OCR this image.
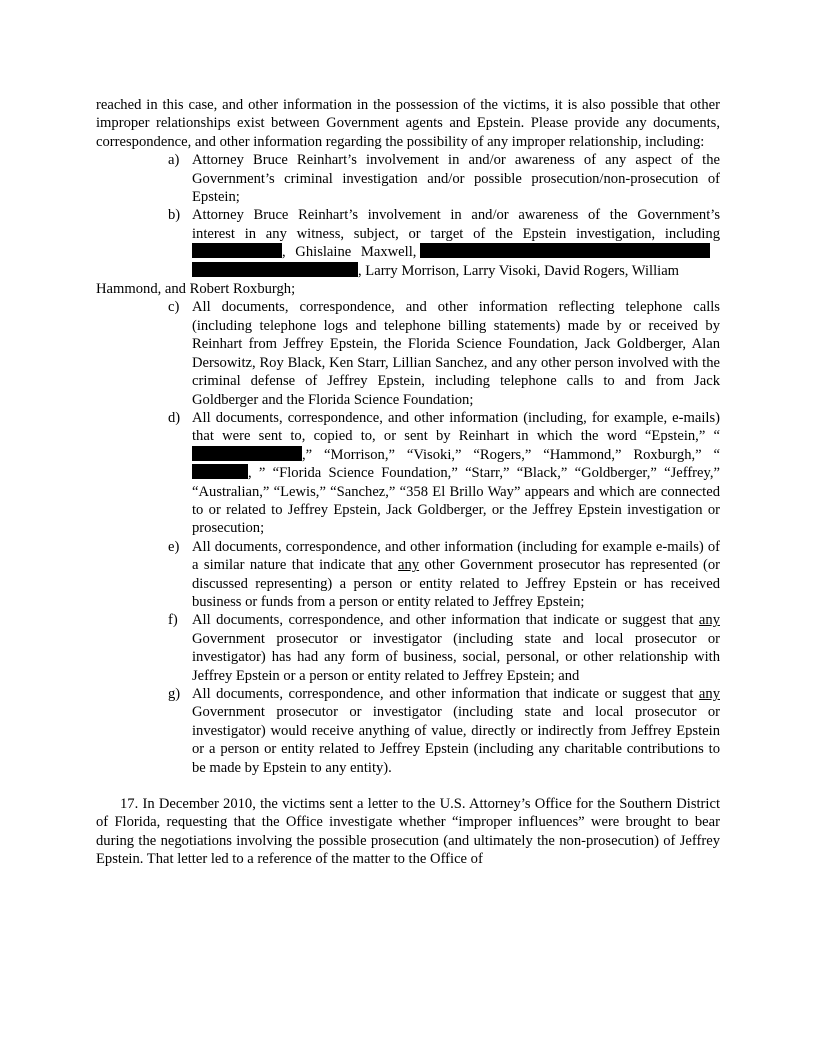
reached in this case, and other information in the possession of the victims, it is also possible that other improper relationships exist between Government agents and Epstein. Please provide any documents, correspondence, and other information regarding the possibility of any improper relationship, including:

a) Attorney Bruce Reinhart’s involvement in and/or awareness of any aspect of the Government’s criminal investigation and/or possible prosecution/non-prosecution of Epstein;
b) Attorney Bruce Reinhart’s involvement in and/or awareness of the Government’s
interest in any witness, subject, or target of the Epstein investigation, including
, Ghislaine Maxwell,
, Larry Morrison, Larry Visoki, David Rogers, William
Hammond, and Robert Roxburgh;
c) All documents, correspondence, and other information reflecting telephone calls (including telephone logs and telephone billing statements) made by or received by Reinhart from Jeffrey Epstein, the Florida Science Foundation, Jack Goldberger, Alan Dersowitz, Roy Black, Ken Starr, Lillian Sanchez, and any other person involved with the criminal defense of Jeffrey Epstein, including telephone calls to and from Jack Goldberger and the Florida Science Foundation;
d) All documents, correspondence, and other information (including, for example, e-mails) that were sent to, copied to, or sent by Reinhart in which the word “Epstein,” “,” “Morrison,” “Visoki,” “Rogers,” “Hammond,” Roxburgh,” “, ” “Florida Science Foundation,” “Starr,” “Black,” “Goldberger,” “Jeffrey,” “Australian,” “Lewis,” “Sanchez,” “358 El Brillo Way” appears and which are connected to or related to Jeffrey Epstein, Jack Goldberger, or the Jeffrey Epstein investigation or prosecution;
e) All documents, correspondence, and other information (including for example e-mails) of a similar nature that indicate that any other Government prosecutor has represented (or discussed representing) a person or entity related to Jeffrey Epstein or has received business or funds from a person or entity related to Jeffrey Epstein;
f) All documents, correspondence, and other information that indicate or suggest that any Government prosecutor or investigator (including state and local prosecutor or investigator) has had any form of business, social, personal, or other relationship with Jeffrey Epstein or a person or entity related to Jeffrey Epstein; and
g) All documents, correspondence, and other information that indicate or suggest that any Government prosecutor or investigator (including state and local prosecutor or investigator) would receive anything of value, directly or indirectly from Jeffrey Epstein or a person or entity related to Jeffrey Epstein (including any charitable contributions to be made by Epstein to any entity).

17. In December 2010, the victims sent a letter to the U.S. Attorney’s Office for the Southern District of Florida, requesting that the Office investigate whether “improper influences” were brought to bear during the negotiations involving the possible prosecution (and ultimately the non-prosecution) of Jeffrey Epstein. That letter led to a reference of the matter to the Office of
